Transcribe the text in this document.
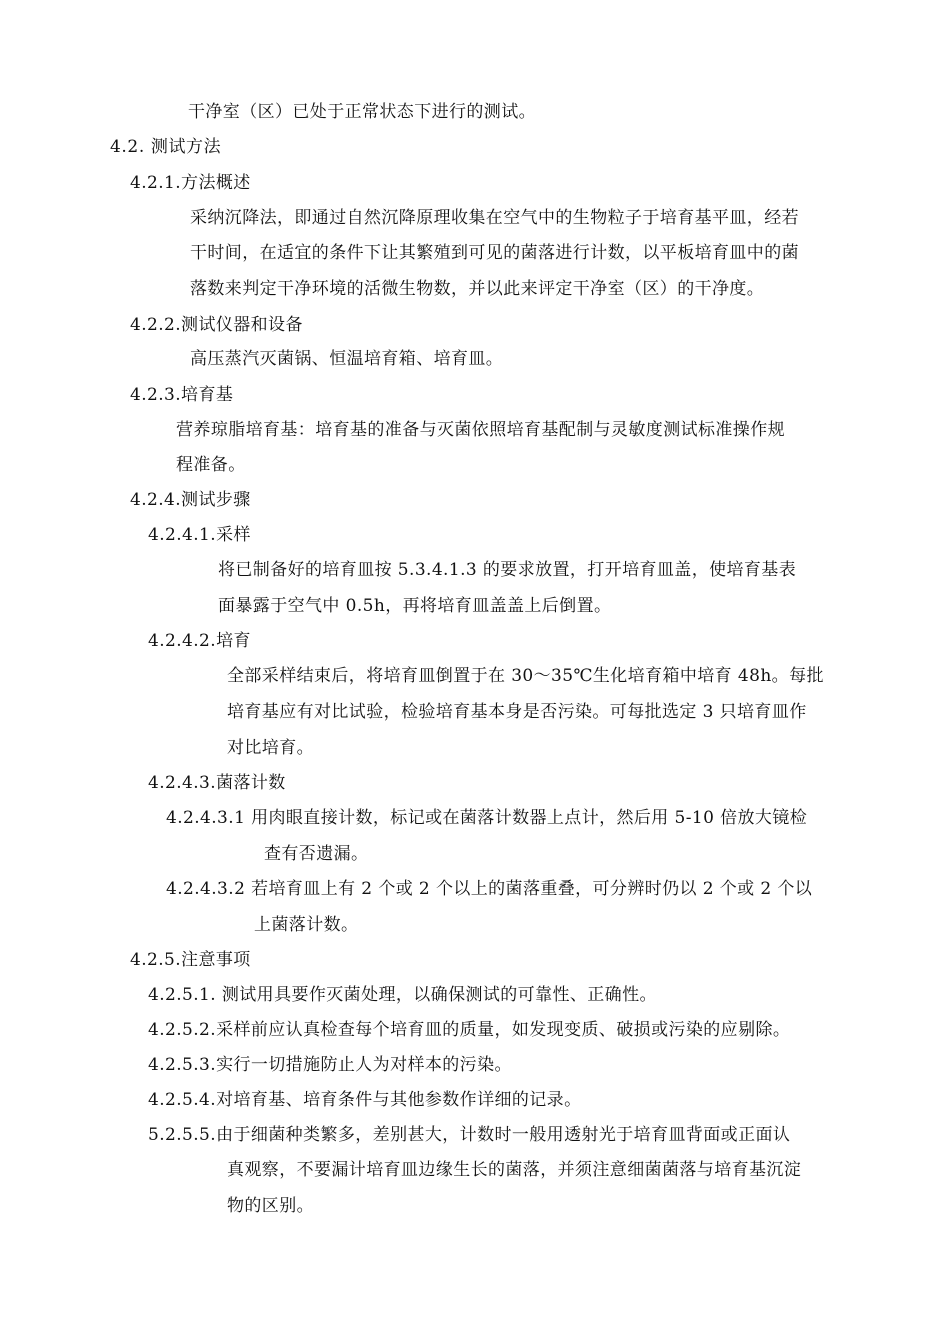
干净室（区）已处于正常状态下进行的测试。
4.2. 测试方法
4.2.1.方法概述
采纳沉降法，即通过自然沉降原理收集在空气中的生物粒子于培育基平皿，经若
干时间，在适宜的条件下让其繁殖到可见的菌落进行计数，以平板培育皿中的菌
落数来判定干净环境的活微生物数，并以此来评定干净室（区）的干净度。
4.2.2.测试仪器和设备
高压蒸汽灭菌锅、恒温培育箱、培育皿。
4.2.3.培育基
营养琼脂培育基：培育基的准备与灭菌依照培育基配制与灵敏度测试标准操作规
程准备。
4.2.4.测试步骤
4.2.4.1.采样
将已制备好的培育皿按 5.3.4.1.3 的要求放置，打开培育皿盖，使培育基表
面暴露于空气中 0.5h，再将培育皿盖盖上后倒置。
4.2.4.2.培育
全部采样结束后，将培育皿倒置于在 30～35℃生化培育箱中培育 48h。每批
培育基应有对比试验，检验培育基本身是否污染。可每批选定 3 只培育皿作
对比培育。
4.2.4.3.菌落计数
4.2.4.3.1 用肉眼直接计数，标记或在菌落计数器上点计，然后用 5-10 倍放大镜检
查有否遗漏。
4.2.4.3.2 若培育皿上有 2 个或 2 个以上的菌落重叠，可分辨时仍以 2 个或 2 个以
上菌落计数。
4.2.5.注意事项
4.2.5.1. 测试用具要作灭菌处理，以确保测试的可靠性、正确性。
4.2.5.2.采样前应认真检查每个培育皿的质量，如发现变质、破损或污染的应剔除。
4.2.5.3.实行一切措施防止人为对样本的污染。
4.2.5.4.对培育基、培育条件与其他参数作详细的记录。
5.2.5.5.由于细菌种类繁多，差别甚大，计数时一般用透射光于培育皿背面或正面认
真观察，不要漏计培育皿边缘生长的菌落，并须注意细菌菌落与培育基沉淀
物的区别。
